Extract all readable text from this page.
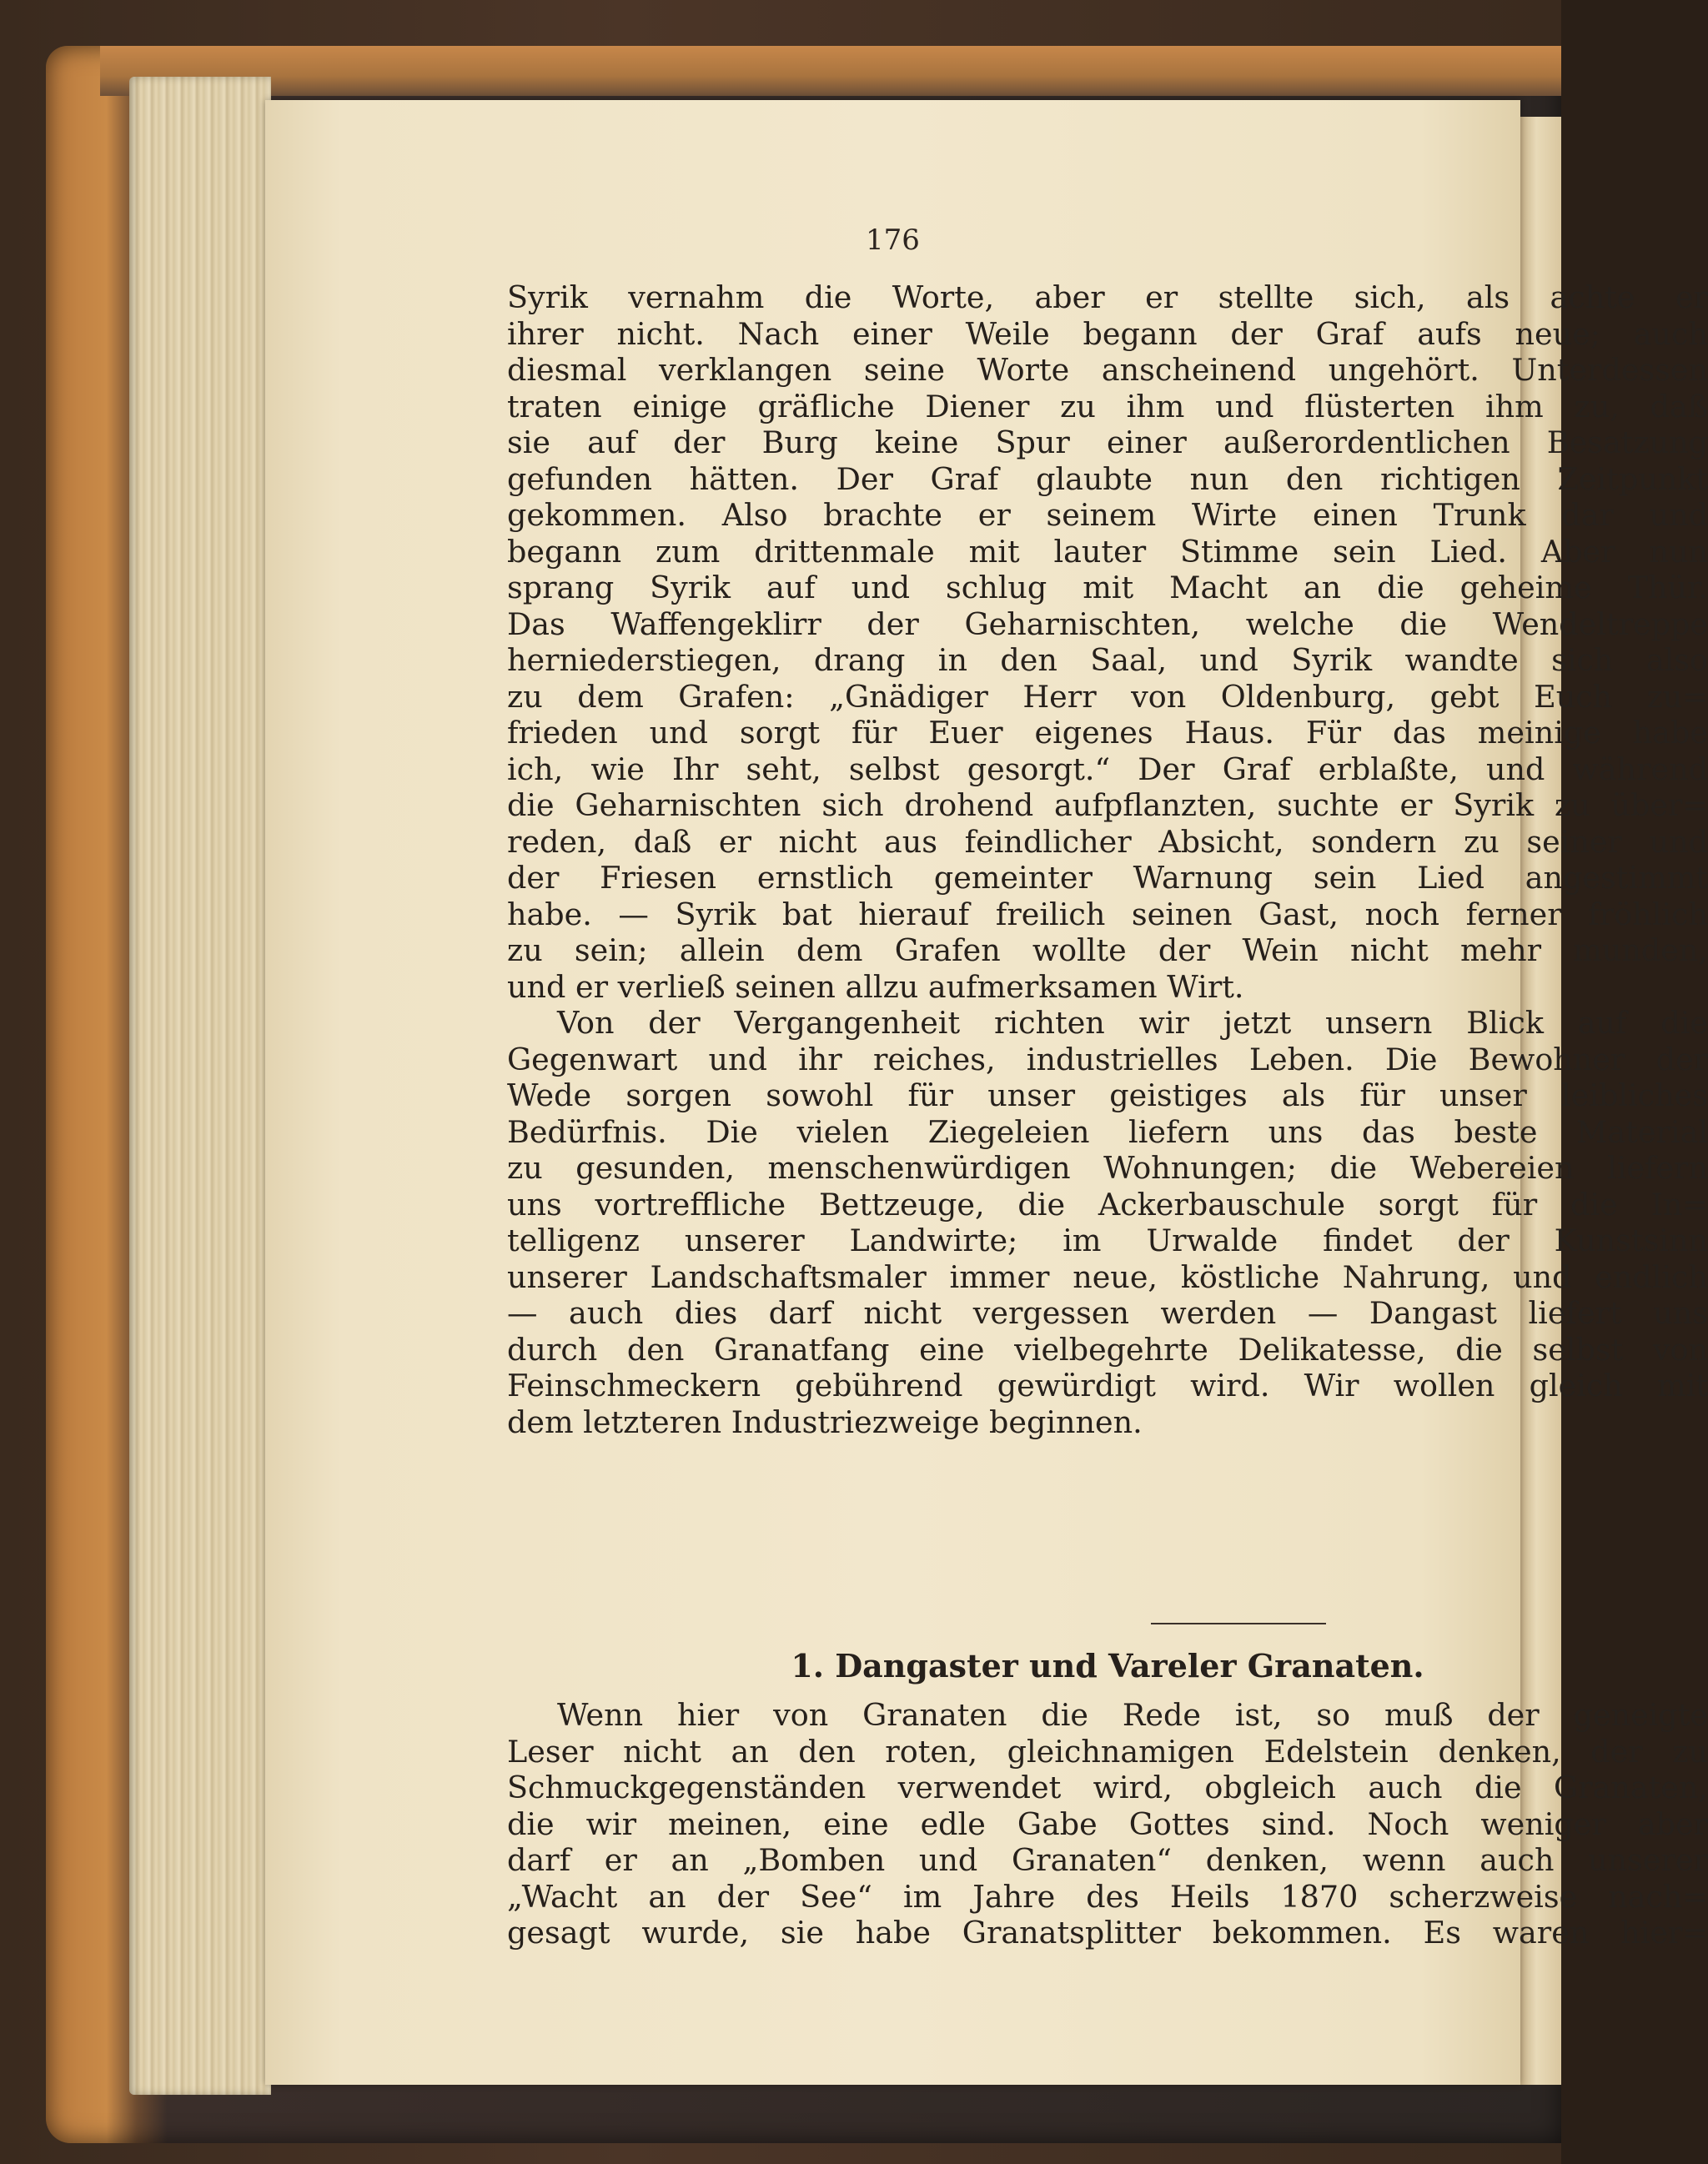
176
Syrik vernahm die Worte, aber er stellte sich, als achte er
ihrer nicht. Nach einer Weile begann der Graf aufs neue; auch
diesmal verklangen seine Worte anscheinend ungehört. Unterdessen
traten einige gräfliche Diener zu ihm und flüsterten ihm zu, daß
sie auf der Burg keine Spur einer außerordentlichen Besatzung
gefunden hätten. Der Graf glaubte nun den richtigen Zeitpunkt
gekommen. Also brachte er seinem Wirte einen Trunk dar und
begann zum drittenmale mit lauter Stimme sein Lied. Aber nun
sprang Syrik auf und schlug mit Macht an die geheime Thür.
Das Waffengeklirr der Geharnischten, welche die Wendeltreppe
herniederstiegen, drang in den Saal, und Syrik wandte sich also
zu dem Grafen: „Gnädiger Herr von Oldenburg, gebt Euch zu=
frieden und sorgt für Euer eigenes Haus. Für das meinige habe
ich, wie Ihr seht, selbst gesorgt.“ Der Graf erblaßte, und während
die Geharnischten sich drohend aufpflanzten, suchte er Syrik zu über=
reden, daß er nicht aus feindlicher Absicht, sondern zu seiner und
der Friesen ernstlich gemeinter Warnung sein Lied angestimmt
habe. — Syrik bat hierauf freilich seinen Gast, noch ferner fröhlich
zu sein; allein dem Grafen wollte der Wein nicht mehr munden,
und er verließ seinen allzu aufmerksamen Wirt.
Von der Vergangenheit richten wir jetzt unsern Blick auf die
Gegenwart und ihr reiches, industrielles Leben. Die Bewohner der
Wede sorgen sowohl für unser geistiges als für unser leibliches
Bedürfnis. Die vielen Ziegeleien liefern uns das beste Material
zu gesunden, menschenwürdigen Wohnungen; die Webereien liefern
uns vortreffliche Bettzeuge, die Ackerbauschule sorgt für die In=
telligenz unserer Landwirte; im Urwalde findet der Kunstsinn
unserer Landschaftsmaler immer neue, köstliche Nahrung, und endlich
— auch dies darf nicht vergessen werden — Dangast liefert uns
durch den Granatfang eine vielbegehrte Delikatesse, die selbst von
Feinschmeckern gebührend gewürdigt wird. Wir wollen gleich mit
dem letzteren Industriezweige beginnen.
1. Dangaster und Vareler Granaten.
Wenn hier von Granaten die Rede ist, so muß der geneigte
Leser nicht an den roten, gleichnamigen Edelstein denken, der zu
Schmuckgegenständen verwendet wird, obgleich auch die Granaten,
die wir meinen, eine edle Gabe Gottes sind. Noch weniger aber
darf er an „Bomben und Granaten“ denken, wenn auch unserer
„Wacht an der See“ im Jahre des Heils 1870 scherzweise nach=
gesagt wurde, sie habe Granatsplitter bekommen. Es waren hier=
